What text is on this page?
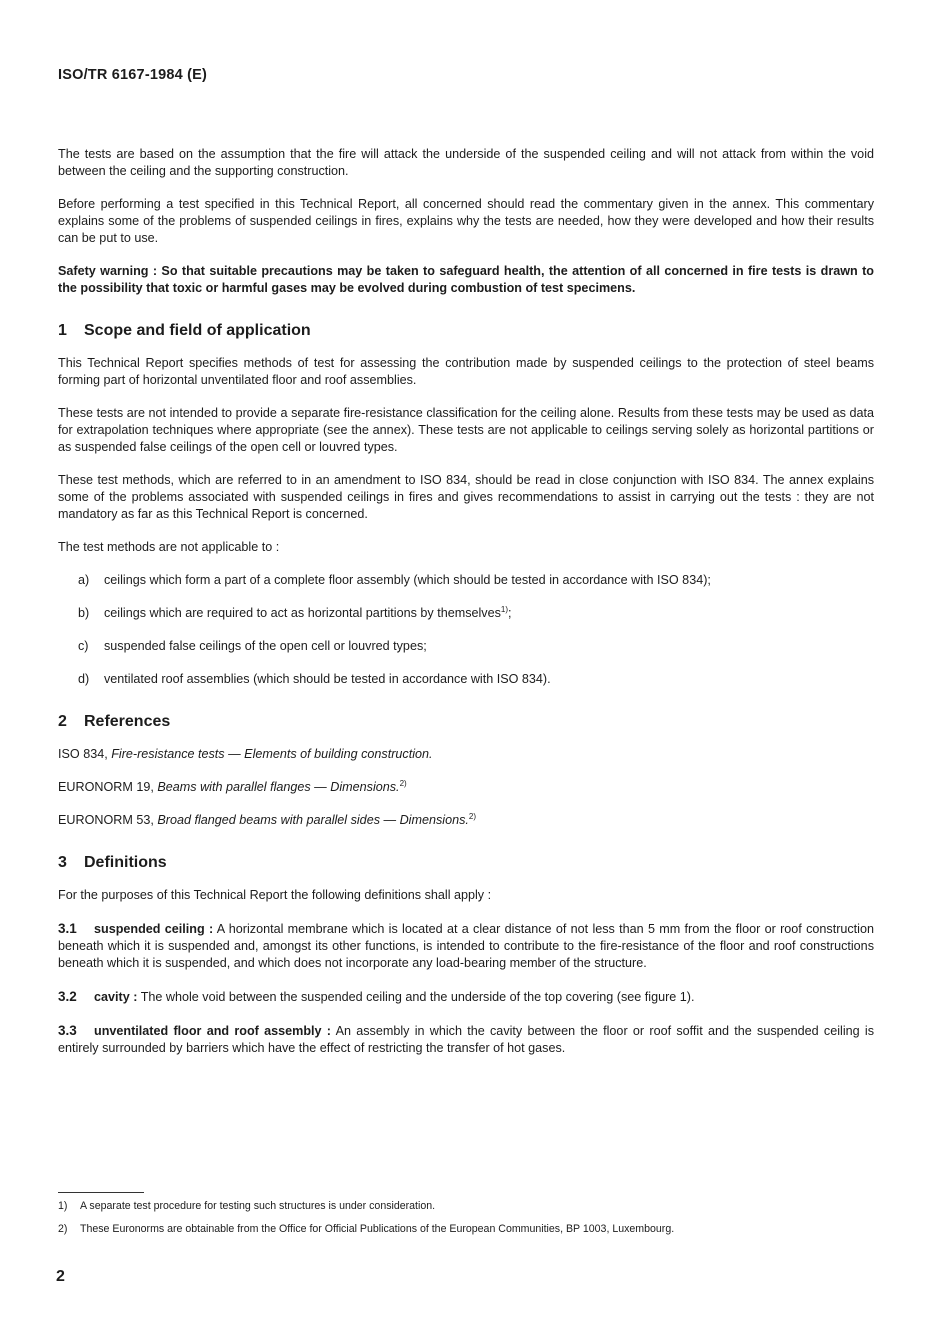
ISO/TR 6167-1984 (E)

The tests are based on the assumption that the fire will attack the underside of the suspended ceiling and will not attack from within the void between the ceiling and the supporting construction.

Before performing a test specified in this Technical Report, all concerned should read the commentary given in the annex. This commentary explains some of the problems of suspended ceilings in fires, explains why the tests are needed, how they were developed and how their results can be put to use.

Safety warning : So that suitable precautions may be taken to safeguard health, the attention of all concerned in fire tests is drawn to the possibility that toxic or harmful gases may be evolved during combustion of test specimens.

1 Scope and field of application

This Technical Report specifies methods of test for assessing the contribution made by suspended ceilings to the protection of steel beams forming part of horizontal unventilated floor and roof assemblies.

These tests are not intended to provide a separate fire-resistance classification for the ceiling alone. Results from these tests may be used as data for extrapolation techniques where appropriate (see the annex). These tests are not applicable to ceilings serving solely as horizontal partitions or as suspended false ceilings of the open cell or louvred types.

These test methods, which are referred to in an amendment to ISO 834, should be read in close conjunction with ISO 834. The annex explains some of the problems associated with suspended ceilings in fires and gives recommendations to assist in carrying out the tests : they are not mandatory as far as this Technical Report is concerned.

The test methods are not applicable to :

a) ceilings which form a part of a complete floor assembly (which should be tested in accordance with ISO 834);
b) ceilings which are required to act as horizontal partitions by themselves$^{1)}$;
c) suspended false ceilings of the open cell or louvred types;
d) ventilated roof assemblies (which should be tested in accordance with ISO 834).
2 References

ISO 834, Fire-resistance tests — Elements of building construction.

EURONORM 19, Beams with parallel flanges — Dimensions.$^{2)}$

EURONORM 53, Broad flanged beams with parallel sides — Dimensions.$^{2)}$

3 Definitions

For the purposes of this Technical Report the following definitions shall apply :

3.1 suspended ceiling : A horizontal membrane which is located at a clear distance of not less than 5 mm from the floor or roof construction beneath which it is suspended and, amongst its other functions, is intended to contribute to the fire-resistance of the floor and roof constructions beneath which it is suspended, and which does not incorporate any load-bearing member of the structure.

3.2 cavity : The whole void between the suspended ceiling and the underside of the top covering (see figure 1).

3.3 unventilated floor and roof assembly : An assembly in which the cavity between the floor or roof soffit and the suspended ceiling is entirely surrounded by barriers which have the effect of restricting the transfer of hot gases.

1) A separate test procedure for testing such structures is under consideration.
2) These Euronorms are obtainable from the Office for Official Publications of the European Communities, BP 1003, Luxembourg.
2
